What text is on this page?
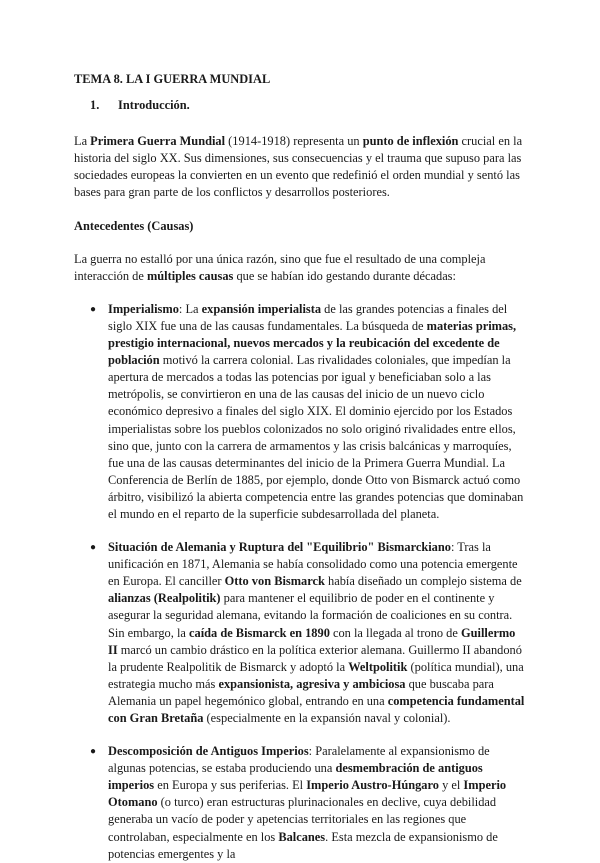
TEMA 8. LA I GUERRA MUNDIAL

1. Introducción.

La Primera Guerra Mundial (1914-1918) representa un punto de inflexión crucial en la historia del siglo XX. Sus dimensiones, sus consecuencias y el trauma que supuso para las sociedades europeas la convierten en un evento que redefinió el orden mundial y sentó las bases para gran parte de los conflictos y desarrollos posteriores.

Antecedentes (Causas)

La guerra no estalló por una única razón, sino que fue el resultado de una compleja interacción de múltiples causas que se habían ido gestando durante décadas:

● Imperialismo: La expansión imperialista de las grandes potencias a finales del siglo XIX fue una de las causas fundamentales. La búsqueda de materias primas, prestigio internacional, nuevos mercados y la reubicación del excedente de población motivó la carrera colonial. Las rivalidades coloniales, que impedían la apertura de mercados a todas las potencias por igual y beneficiaban solo a las metrópolis, se convirtieron en una de las causas del inicio de un nuevo ciclo económico depresivo a finales del siglo XIX. El dominio ejercido por los Estados imperialistas sobre los pueblos colonizados no solo originó rivalidades entre ellos, sino que, junto con la carrera de armamentos y las crisis balcánicas y marroquíes, fue una de las causas determinantes del inicio de la Primera Guerra Mundial. La Conferencia de Berlín de 1885, por ejemplo, donde Otto von Bismarck actuó como árbitro, visibilizó la abierta competencia entre las grandes potencias que dominaban el mundo en el reparto de la superficie subdesarrollada del planeta.
● Situación de Alemania y Ruptura del "Equilibrio" Bismarckiano: Tras la unificación en 1871, Alemania se había consolidado como una potencia emergente en Europa. El canciller Otto von Bismarck había diseñado un complejo sistema de alianzas (Realpolitik) para mantener el equilibrio de poder en el continente y asegurar la seguridad alemana, evitando la formación de coaliciones en su contra. Sin embargo, la caída de Bismarck en 1890 con la llegada al trono de Guillermo II marcó un cambio drástico en la política exterior alemana. Guillermo II abandonó la prudente Realpolitik de Bismarck y adoptó la Weltpolitik (política mundial), una estrategia mucho más expansionista, agresiva y ambiciosa que buscaba para Alemania un papel hegemónico global, entrando en una competencia fundamental con Gran Bretaña (especialmente en la expansión naval y colonial).
● Descomposición de Antiguos Imperios: Paralelamente al expansionismo de algunas potencias, se estaba produciendo una desmembración de antiguos imperios en Europa y sus periferias. El Imperio Austro-Húngaro y el Imperio Otomano (o turco) eran estructuras plurinacionales en declive, cuya debilidad generaba un vacío de poder y apetencias territoriales en las regiones que controlaban, especialmente en los Balcanes. Esta mezcla de expansionismo de potencias emergentes y la
